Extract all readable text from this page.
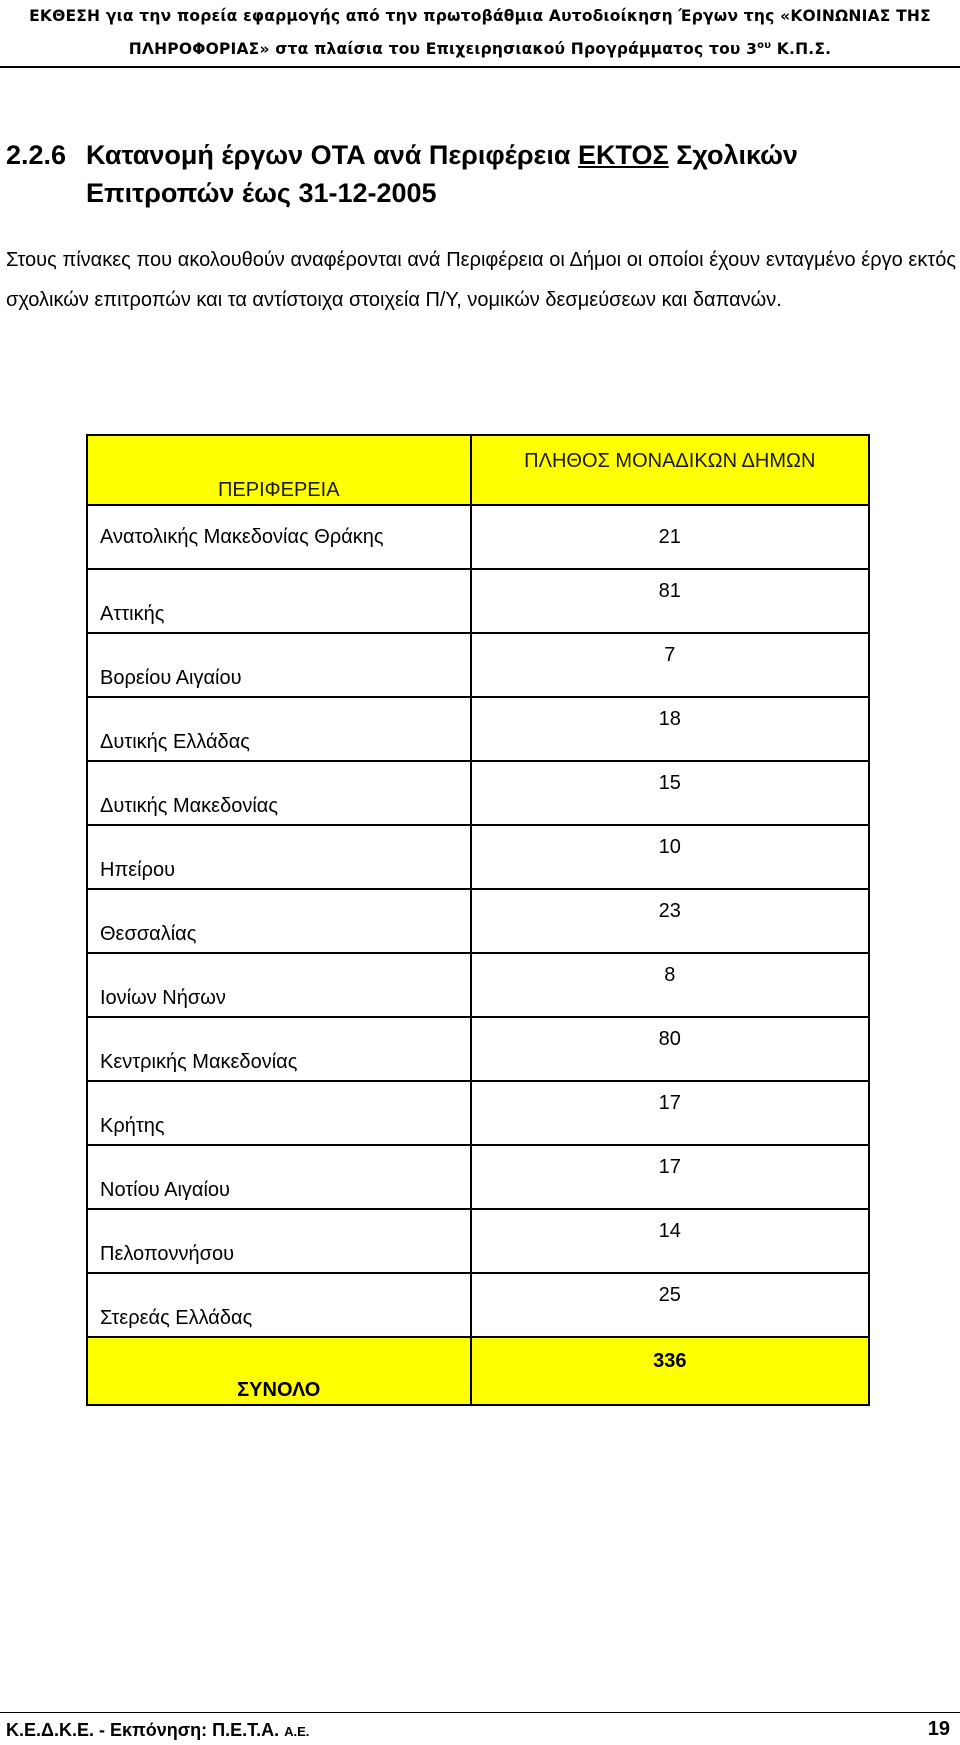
ΕΚΘΕΣΗ για την πορεία εφαρμογής από την πρωτοβάθμια Αυτοδιοίκηση Έργων της «ΚΟΙΝΩΝΙΑΣ ΤΗΣ
ΠΛΗΡΟΦΟΡΙΑΣ» στα πλαίσια του Επιχειρησιακού Προγράμματος του $3^{o\upsilon}$ Κ.Π.Σ.
2.2.6 Κατανομή έργων ΟΤΑ ανά Περιφέρεια ΕΚΤΟΣ Σχολικών
Επιτροπών έως 31-12-2005
Στους πίνακες που ακολουθούν αναφέρονται ανά Περιφέρεια οι Δήμοι οι οποίοι έχουν ενταγμένο έργο εκτός σχολικών επιτροπών και τα αντίστοιχα στοιχεία Π/Υ, νομικών δεσμεύσεων και δαπανών.
ΠΕΡΙΦΕΡΕΙΑ	ΠΛΗΘΟΣ ΜΟΝΑΔΙΚΩΝ ΔΗΜΩΝ
Ανατολικής Μακεδονίας Θράκης	21
Αττικής	81
Βορείου Αιγαίου	7
Δυτικής Ελλάδας	18
Δυτικής Μακεδονίας	15
Ηπείρου	10
Θεσσαλίας	23
Ιονίων Νήσων	8
Κεντρικής Μακεδονίας	80
Κρήτης	17
Νοτίου Αιγαίου	17
Πελοποννήσου	14
Στερεάς Ελλάδας	25
ΣΥΝΟΛΟ	336
Κ.Ε.Δ.Κ.Ε. - Εκπόνηση: Π.Ε.Τ.Α. Α.Ε.	19
